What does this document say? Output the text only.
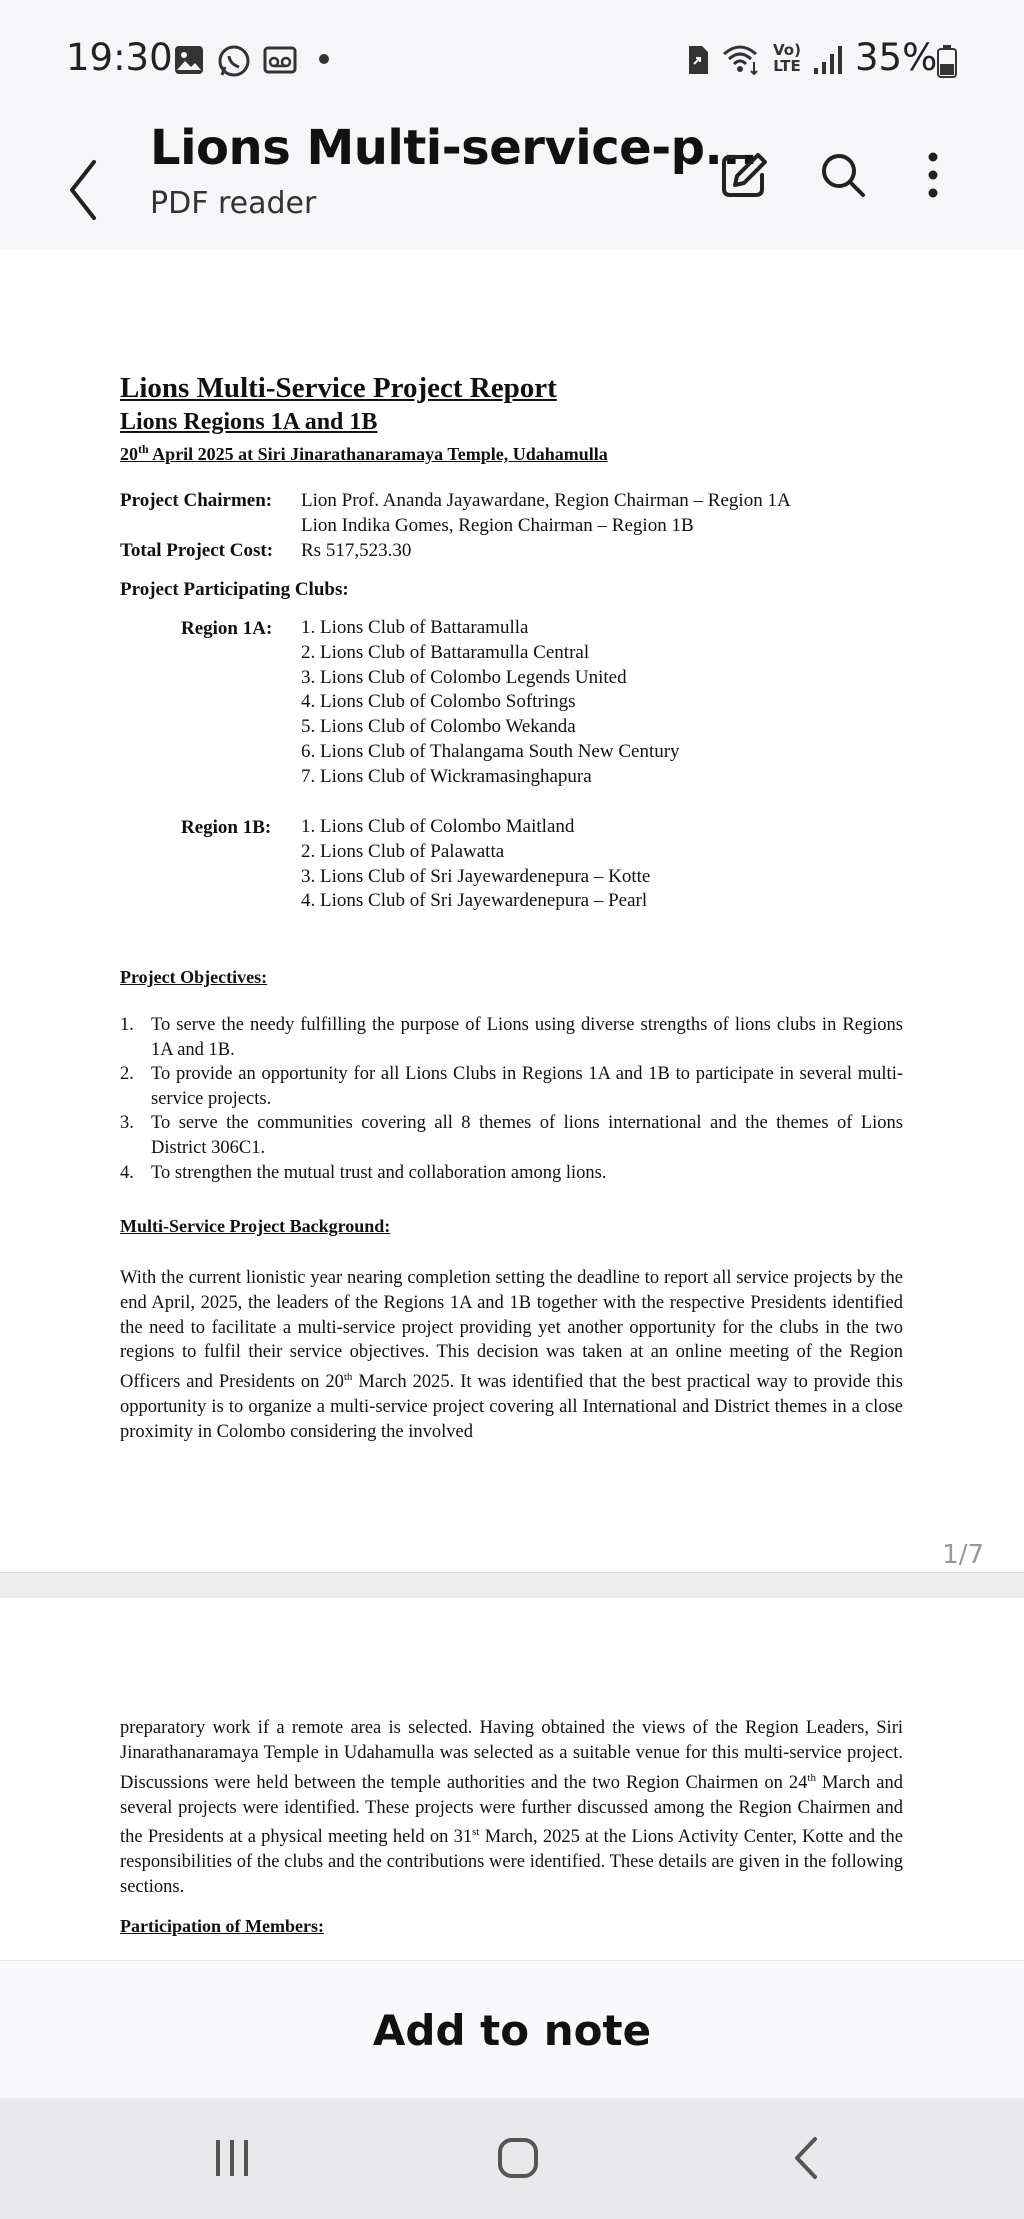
19:30	Vo) LTE 35%
Lions Multi-service-p...
PDF reader
Lions Multi-Service Project Report
Lions Regions 1A and 1B
20th April 2025 at Siri Jinarathanaramaya Temple, Udahamulla
Project Chairmen: Lion Prof. Ananda Jayawardane, Region Chairman – Region 1A
Lion Indika Gomes, Region Chairman – Region 1B
Total Project Cost: Rs 517,523.30
Project Participating Clubs:
Region 1A: 1. Lions Club of Battaramulla
2. Lions Club of Battaramulla Central
3. Lions Club of Colombo Legends United
4. Lions Club of Colombo Softrings
5. Lions Club of Colombo Wekanda
6. Lions Club of Thalangama South New Century
7. Lions Club of Wickramasinghapura
Region 1B: 1. Lions Club of Colombo Maitland
2. Lions Club of Palawatta
3. Lions Club of Sri Jayewardenepura – Kotte
4. Lions Club of Sri Jayewardenepura – Pearl
Project Objectives:
1. To serve the needy fulfilling the purpose of Lions using diverse strengths of lions clubs in Regions 1A and 1B.
2. To provide an opportunity for all Lions Clubs in Regions 1A and 1B to participate in several multi-service projects.
3. To serve the communities covering all 8 themes of lions international and the themes of Lions District 306C1.
4. To strengthen the mutual trust and collaboration among lions.
Multi-Service Project Background:
With the current lionistic year nearing completion setting the deadline to report all service projects by the end April, 2025, the leaders of the Regions 1A and 1B together with the respective Presidents identified the need to facilitate a multi-service project providing yet another opportunity for the clubs in the two regions to fulfil their service objectives. This decision was taken at an online meeting of the Region Officers and Presidents on 20th March 2025. It was identified that the best practical way to provide this opportunity is to organize a multi-service project covering all International and District themes in a close proximity in Colombo considering the involved
1/7
preparatory work if a remote area is selected. Having obtained the views of the Region Leaders, Siri Jinarathanaramaya Temple in Udahamulla was selected as a suitable venue for this multi-service project. Discussions were held between the temple authorities and the two Region Chairmen on 24th March and several projects were identified. These projects were further discussed among the Region Chairmen and the Presidents at a physical meeting held on 31st March, 2025 at the Lions Activity Center, Kotte and the responsibilities of the clubs and the contributions were identified. These details are given in the following sections.
Participation of Members:
Add to note
